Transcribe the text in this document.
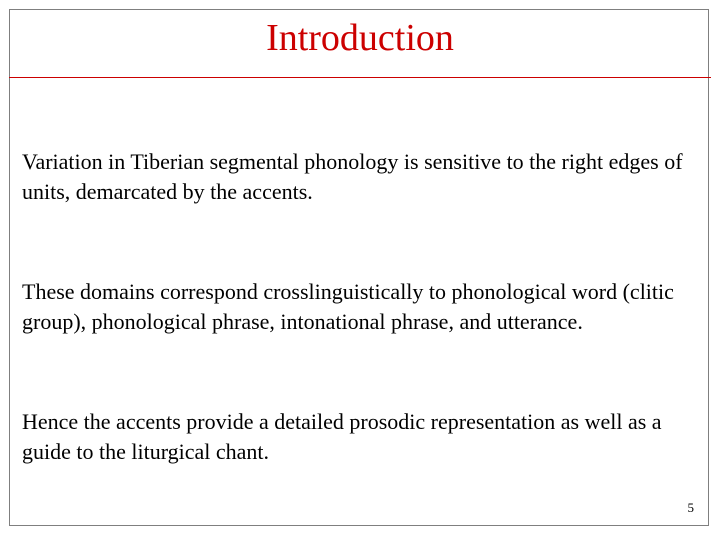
Introduction

Variation in Tiberian segmental phonology is sensitive to the right edges of units, demarcated by the accents.

These domains correspond crosslinguistically to phonological word (clitic group), phonological phrase, intonational phrase, and utterance.

Hence the accents provide a detailed prosodic representation as well as a guide to the liturgical chant.

5
